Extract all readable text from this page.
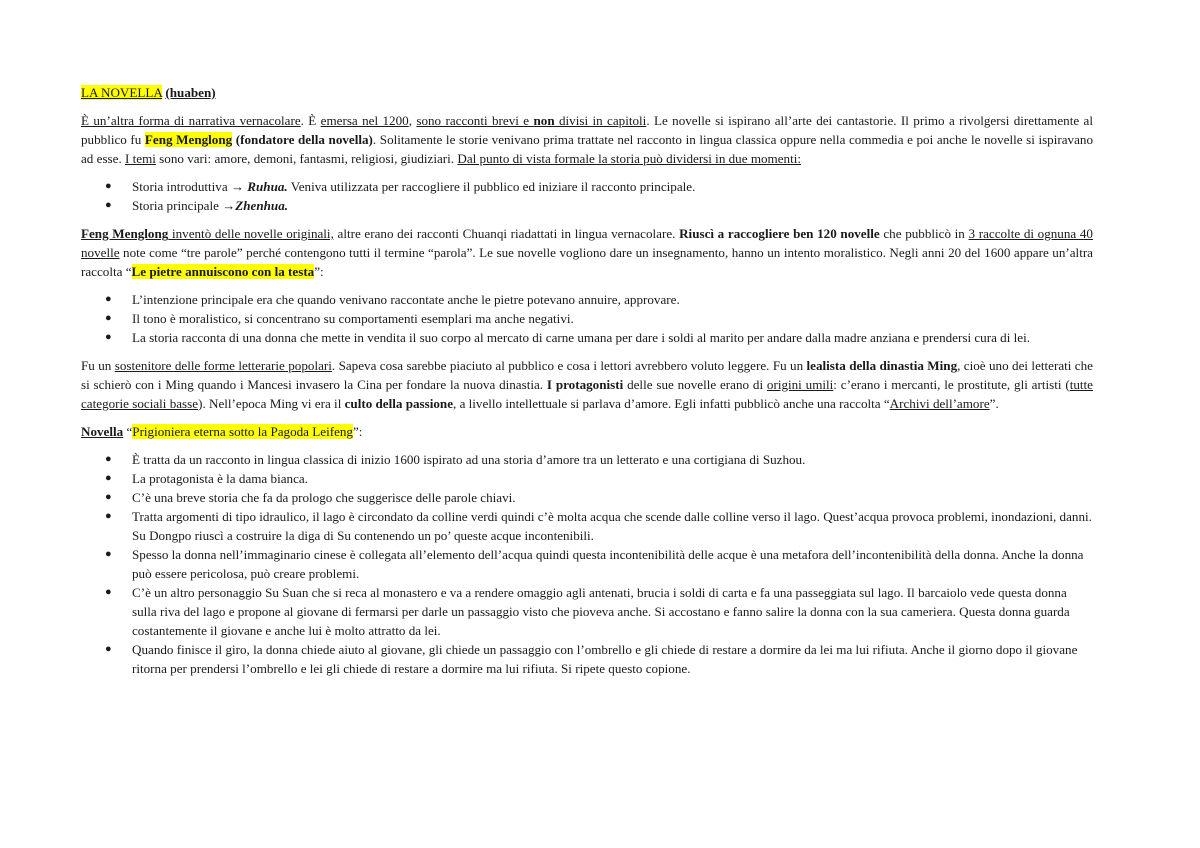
LA NOVELLA (huaben)

È un’altra forma di narrativa vernacolare. È emersa nel 1200, sono racconti brevi e non divisi in capitoli. Le novelle si ispirano all’arte dei cantastorie. Il primo a rivolgersi direttamente al pubblico fu Feng Menglong (fondatore della novella). Solitamente le storie venivano prima trattate nel racconto in lingua classica oppure nella commedia e poi anche le novelle si ispiravano ad esse. I temi sono vari: amore, demoni, fantasmi, religiosi, giudiziari. Dal punto di vista formale la storia può dividersi in due momenti:

● Storia introduttiva → Ruhua. Veniva utilizzata per raccogliere il pubblico ed iniziare il racconto principale.
● Storia principale →Zhenhua.

Feng Menglong inventò delle novelle originali, altre erano dei racconti Chuanqi riadattati in lingua vernacolare. Riuscì a raccogliere ben 120 novelle che pubblicò in 3 raccolte di ognuna 40 novelle note come “tre parole” perché contengono tutti il termine “parola”. Le sue novelle vogliono dare un insegnamento, hanno un intento moralistico. Negli anni 20 del 1600 appare un’altra raccolta “Le pietre annuiscono con la testa”:

● L’intenzione principale era che quando venivano raccontate anche le pietre potevano annuire, approvare.
● Il tono è moralistico, si concentrano su comportamenti esemplari ma anche negativi.
● La storia racconta di una donna che mette in vendita il suo corpo al mercato di carne umana per dare i soldi al marito per andare dalla madre anziana e prendersi cura di lei.

Fu un sostenitore delle forme letterarie popolari. Sapeva cosa sarebbe piaciuto al pubblico e cosa i lettori avrebbero voluto leggere. Fu un lealista della dinastia Ming, cioè uno dei letterati che si schierò con i Ming quando i Mancesi invasero la Cina per fondare la nuova dinastia. I protagonisti delle sue novelle erano di origini umili: c’erano i mercanti, le prostitute, gli artisti (tutte categorie sociali basse). Nell’epoca Ming vi era il culto della passione, a livello intellettuale si parlava d’amore. Egli infatti pubblicò anche una raccolta “Archivi dell’amore”.

Novella “Prigioniera eterna sotto la Pagoda Leifeng”:

● È tratta da un racconto in lingua classica di inizio 1600 ispirato ad una storia d’amore tra un letterato e una cortigiana di Suzhou.
● La protagonista è la dama bianca.
● C’è una breve storia che fa da prologo che suggerisce delle parole chiavi.
● Tratta argomenti di tipo idraulico, il lago è circondato da colline verdi quindi c’è molta acqua che scende dalle colline verso il lago. Quest’acqua provoca problemi, inondazioni, danni. Su Dongpo riuscì a costruire la diga di Su contenendo un po’ queste acque incontenibili.
● Spesso la donna nell’immaginario cinese è collegata all’elemento dell’acqua quindi questa incontenibilità delle acque è una metafora dell’incontenibilità della donna. Anche la donna può essere pericolosa, può creare problemi.
● C’è un altro personaggio Su Suan che si reca al monastero e va a rendere omaggio agli antenati, brucia i soldi di carta e fa una passeggiata sul lago. Il barcaiolo vede questa donna sulla riva del lago e propone al giovane di fermarsi per darle un passaggio visto che pioveva anche. Si accostano e fanno salire la donna con la sua cameriera. Questa donna guarda costantemente il giovane e anche lui è molto attratto da lei.
● Quando finisce il giro, la donna chiede aiuto al giovane, gli chiede un passaggio con l’ombrello e gli chiede di restare a dormire da lei ma lui rifiuta. Anche il giorno dopo il giovane ritorna per prendersi l’ombrello e lei gli chiede di restare a dormire ma lui rifiuta. Si ripete questo copione.
